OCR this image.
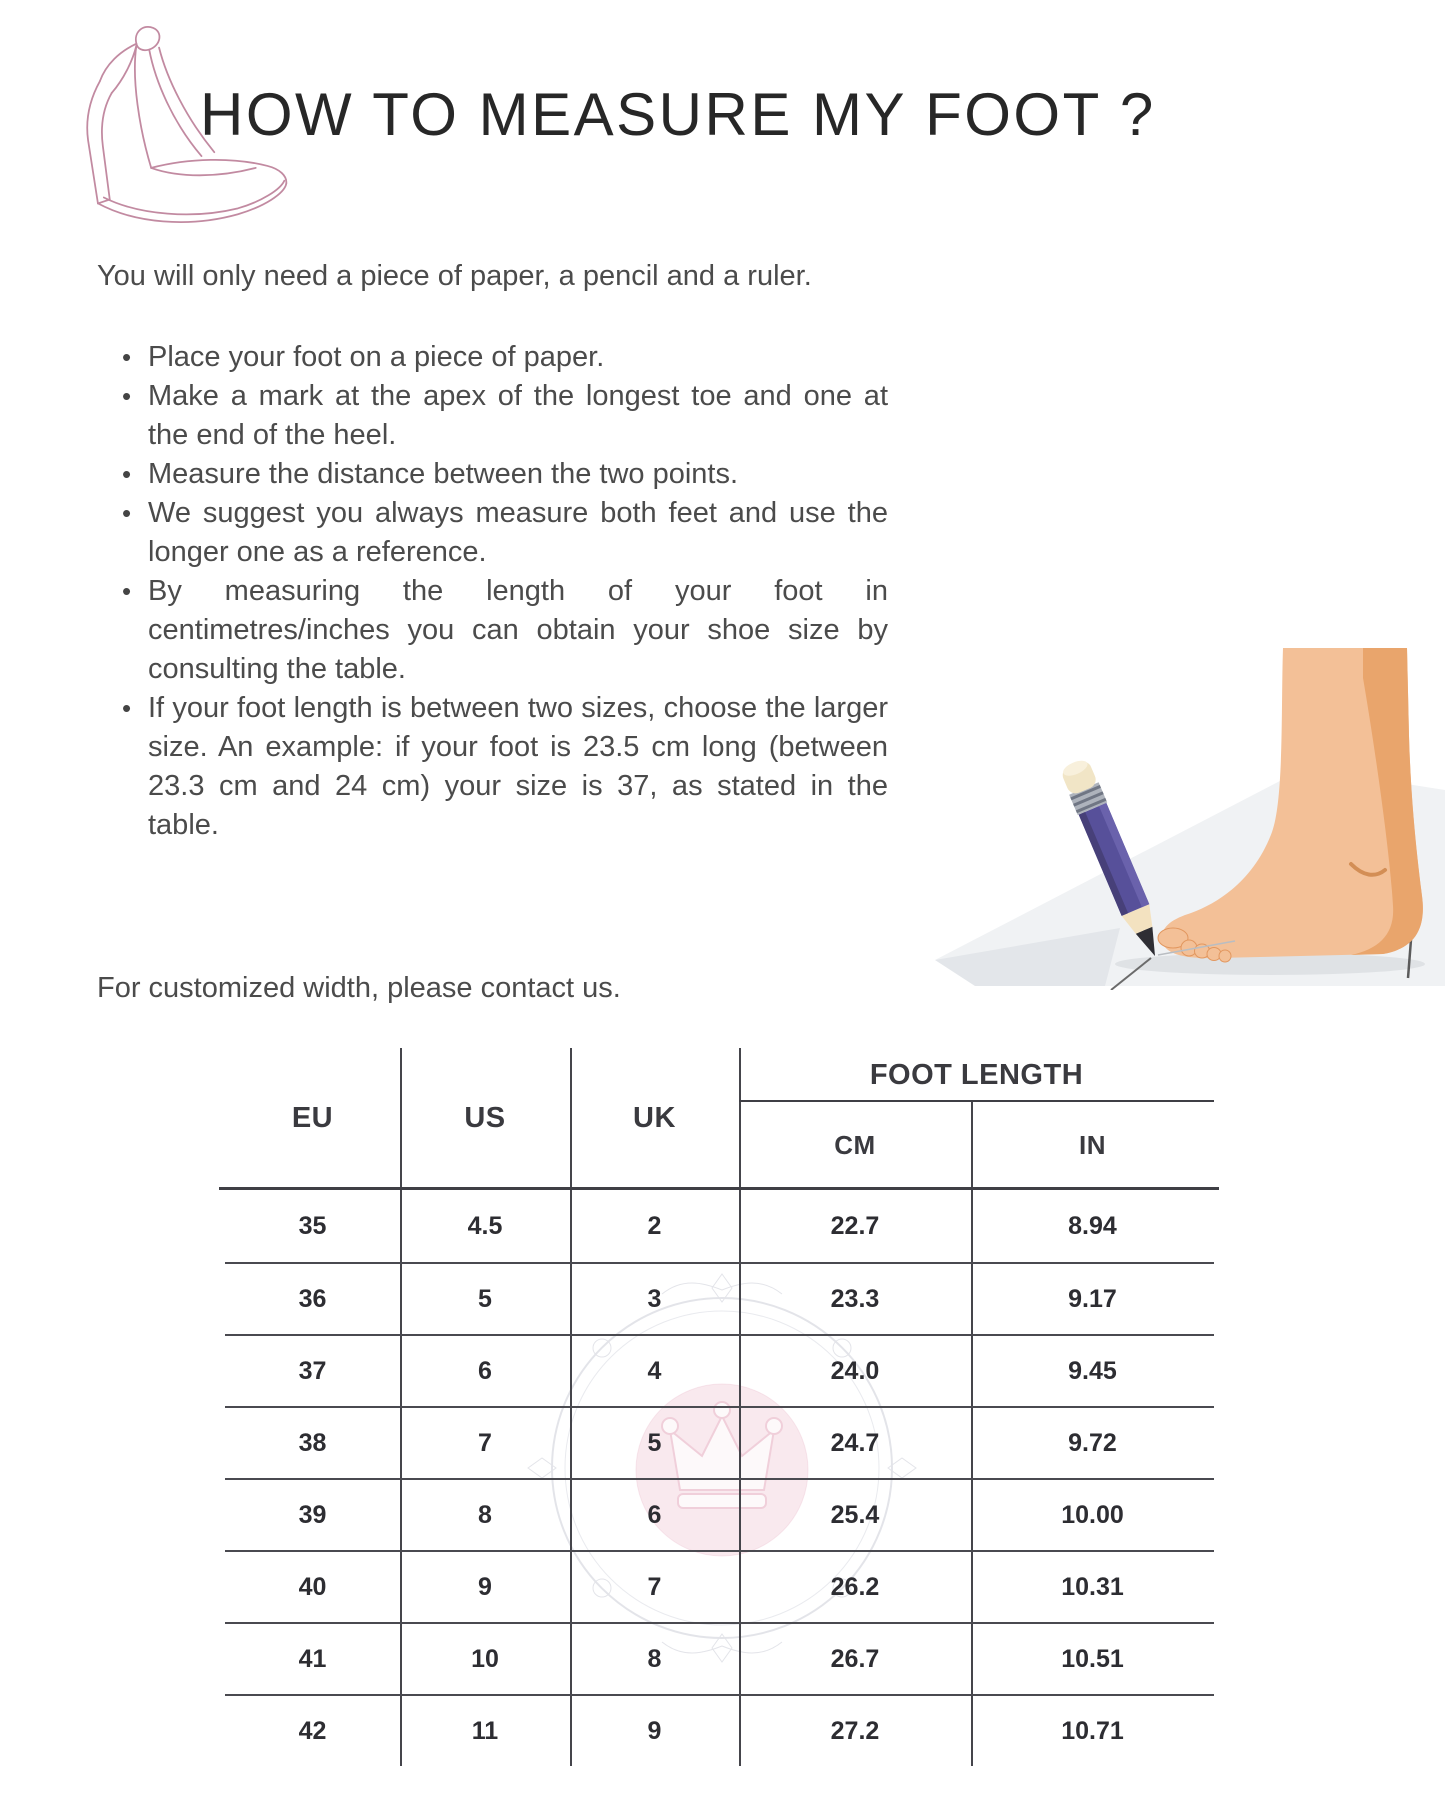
HOW TO MEASURE MY FOOT ?

You will only need a piece of paper, a pencil and a ruler.

• Place your foot on a piece of paper.
• Make a mark at the apex of the longest toe and one at the end of the heel.
• Measure the distance between the two points.
• We suggest you always measure both feet and use the longer one as a reference.
• By measuring the length of your foot in centimetres/inches you can obtain your shoe size by consulting the table.
• If your foot length is between two sizes, choose the larger size. An example: if your foot is 23.5 cm long (between 23.3 cm and 24 cm) your size is 37, as stated in the table.

For customized width, please contact us.

EU	US	UK
FOOT LENGTH
CM	IN
35	4.5	2	22.7	8.94
36	5	3	23.3	9.17
37	6	4	24.0	9.45
38	7	5	24.7	9.72
39	8	6	25.4	10.00
40	9	7	26.2	10.31
41	10	8	26.7	10.51
42	11	9	27.2	10.71
